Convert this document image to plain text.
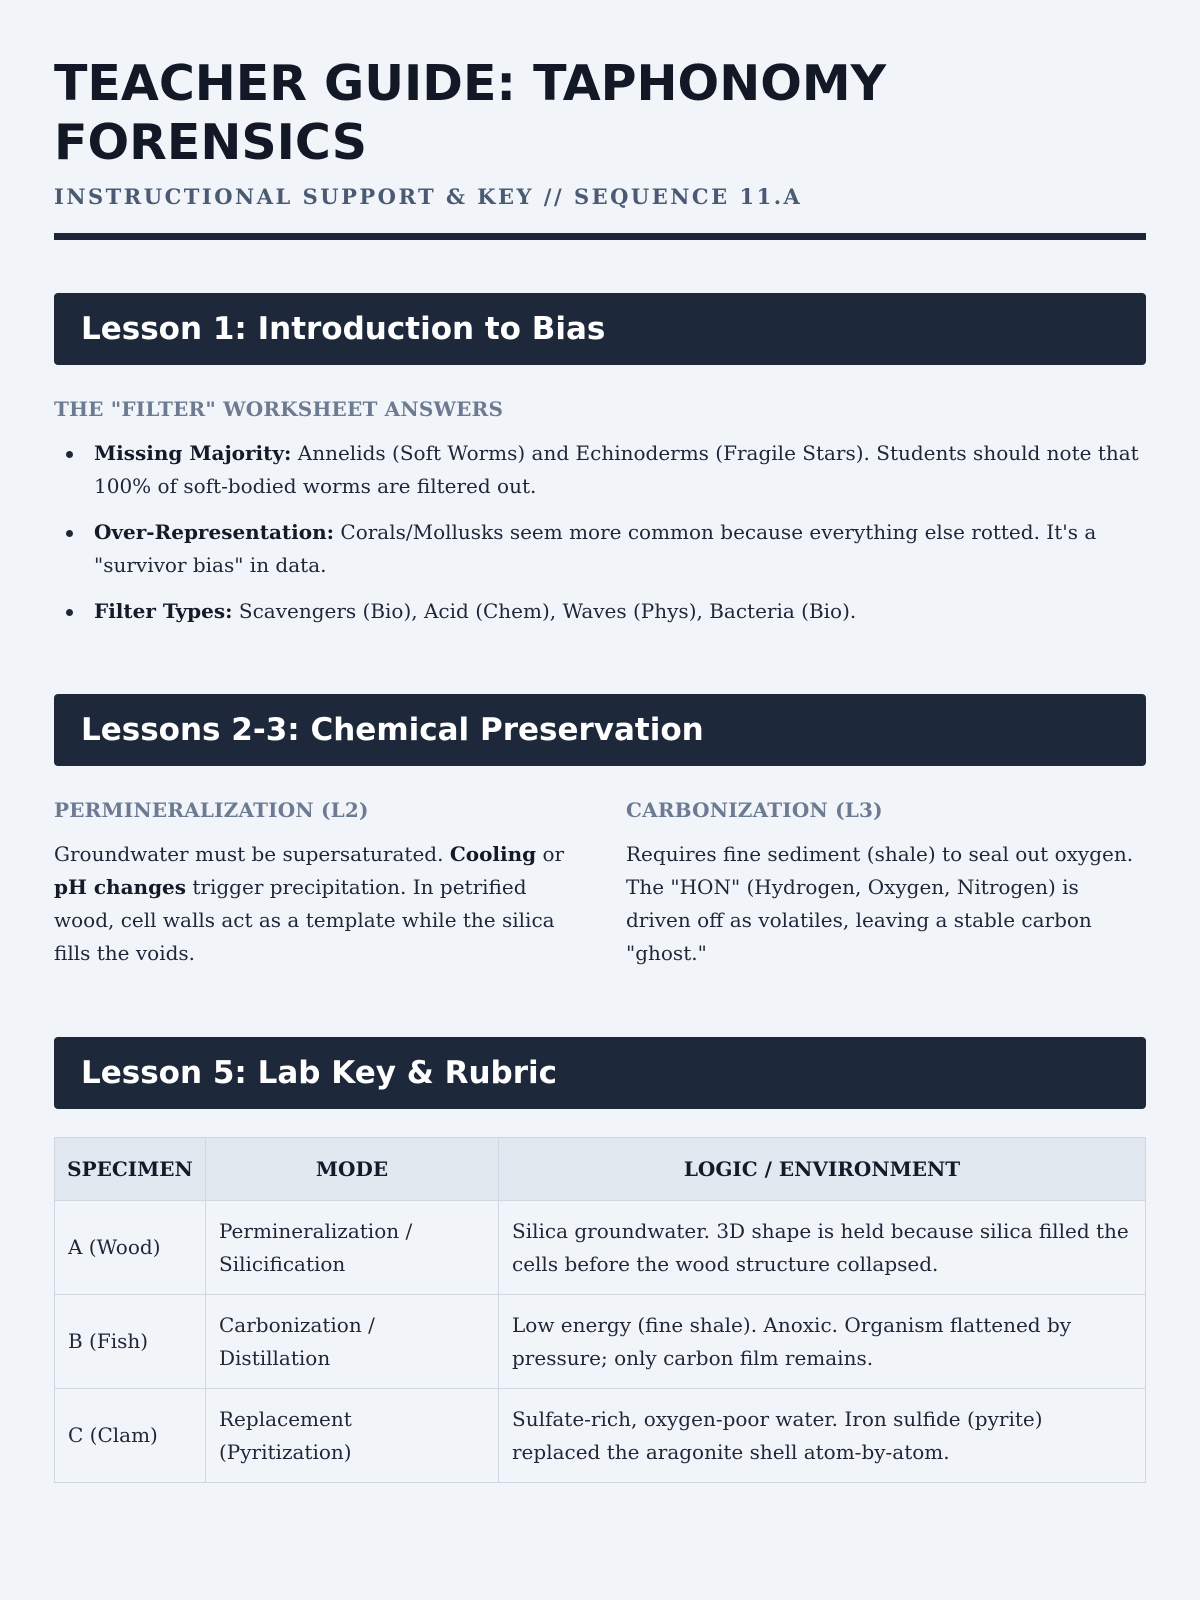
TEACHER GUIDE: TAPHONOMY FORENSICS
INSTRUCTIONAL SUPPORT & KEY // SEQUENCE 11.A
Lesson 1: Introduction to Bias
THE "FILTER" WORKSHEET ANSWERS
Missing Majority: Annelids (Soft Worms) and Echinoderms (Fragile Stars). Students should note that 100% of soft-bodied worms are filtered out.
Over-Representation: Corals/Mollusks seem more common because everything else rotted. It's a "survivor bias" in data.
Filter Types: Scavengers (Bio), Acid (Chem), Waves (Phys), Bacteria (Bio).
Lessons 2-3: Chemical Preservation
PERMINERALIZATION (L2)

Groundwater must be supersaturated. Cooling or pH changes trigger precipitation. In petrified wood, cell walls act as a template while the silica fills the voids.

CARBONIZATION (L3)

Requires fine sediment (shale) to seal out oxygen. The "HON" (Hydrogen, Oxygen, Nitrogen) is driven off as volatiles, leaving a stable carbon "ghost."

Lesson 5: Lab Key & Rubric
SPECIMEN	MODE	LOGIC / ENVIRONMENT
A (Wood)	Permineralization / Silicification	Silica groundwater. 3D shape is held because silica filled the cells before the wood structure collapsed.
B (Fish)	Carbonization / Distillation	Low energy (fine shale). Anoxic. Organism flattened by pressure; only carbon film remains.
C (Clam)	Replacement (Pyritization)	Sulfate-rich, oxygen-poor water. Iron sulfide (pyrite) replaced the aragonite shell atom-by-atom.
